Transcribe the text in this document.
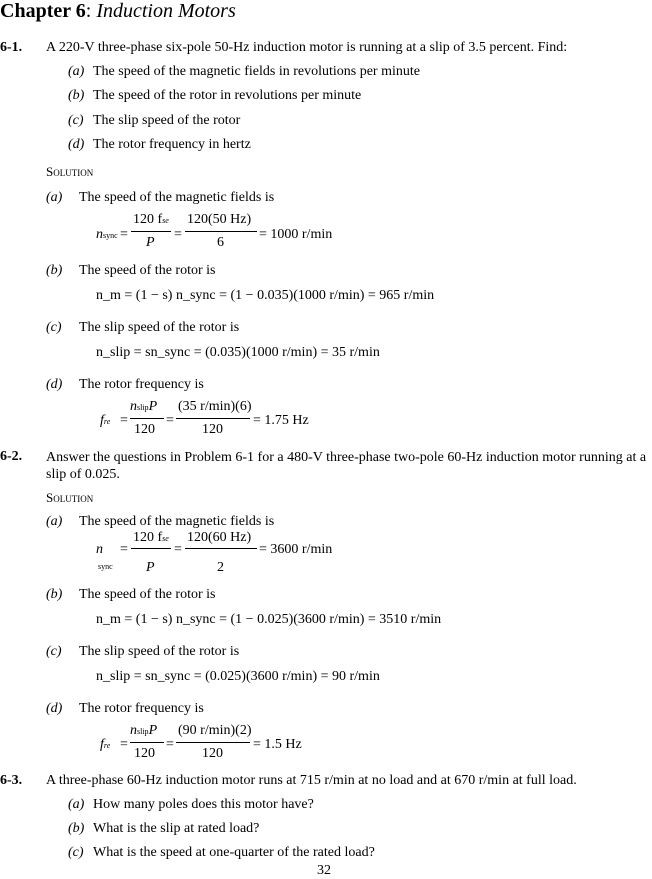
Chapter 6: Induction Motors
6-1. A 220-V three-phase six-pole 50-Hz induction motor is running at a slip of 3.5 percent. Find:
(a) The speed of the magnetic fields in revolutions per minute
(b) The speed of the rotor in revolutions per minute
(c) The slip speed of the rotor
(d) The rotor frequency in hertz
Solution
(a) The speed of the magnetic fields is
nsync =
120 fse
P
=
120(50 Hz)
6
= 1000 r/min
(b) The speed of the rotor is
n_m = (1 − s) n_sync = (1 − 0.035)(1000 r/min) = 965 r/min
(c) The slip speed of the rotor is
n_slip = sn_sync = (0.035)(1000 r/min) = 35 r/min
(d) The rotor frequency is
fre =
nslipP
120
=
(35 r/min)(6)
120
= 1.75 Hz
6-2. Answer the questions in Problem 6-1 for a 480-V three-phase two-pole 60-Hz induction motor running at a slip of 0.025.
Solution
(a) The speed of the magnetic fields is
n
sync
=
120 fse
P
=
120(60 Hz)
2
= 3600 r/min
(b) The speed of the rotor is
n_m = (1 − s) n_sync = (1 − 0.025)(3600 r/min) = 3510 r/min
(c) The slip speed of the rotor is
n_slip = sn_sync = (0.025)(3600 r/min) = 90 r/min
(d) The rotor frequency is
fre =
nslipP
120
=
(90 r/min)(2)
120
= 1.5 Hz
6-3. A three-phase 60-Hz induction motor runs at 715 r/min at no load and at 670 r/min at full load.
(a) How many poles does this motor have?
(b) What is the slip at rated load?
(c) What is the speed at one-quarter of the rated load?
32
